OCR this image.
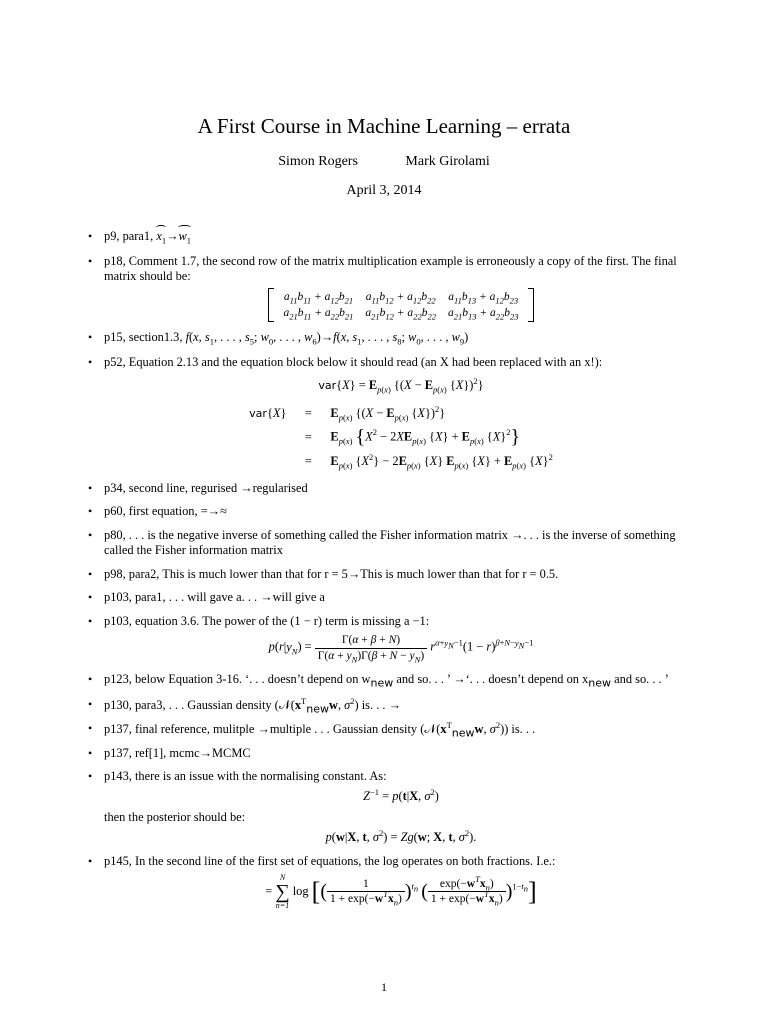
A First Course in Machine Learning – errata
Simon Rogers	Mark Girolami
April 3, 2014
• p9, para1, $x_1\to w_1$
• p18, Comment 1.7, the second row of the matrix multiplication example is erroneously a copy of the first. The final matrix should be:
$a_{11}b_{11} + a_{12}b_{21}$	$a_{11}b_{12} + a_{12}b_{22}$	$a_{11}b_{13} + a_{12}b_{23}$
$a_{21}b_{11} + a_{22}b_{21}$	$a_{21}b_{12} + a_{22}b_{22}$	$a_{21}b_{13} + a_{22}b_{23}$
• p15, section1.3, f(x, $s_1$, . . . , $s_5$; $w_0$, . . . , $w_6)\to f(x$, $s_1$, . . . , $s_8$; $w_0$, . . . , $w_9$)
• p52, Equation 2.13 and the equation block below it should read (an X had been replaced with an x!):
$var\{X\} = E_{p(x)}$ {($X - E_{p(x)}$ {X})$^2$}
var{X}	=	$E_{p(x)}$ {($X - E_{p(x)}$ {X})$^2$}
	=	$E_{p(x)}$ {$X^2 - 2XE_{p(x)}$ $\{X\} + E_{p(x)}$ $\{X\}^2$}
	=	$E_{p(x)}$ $\{X^2\} - 2E_{p(x)}$ {X} $E_{p(x)}$ $\{X\} + E_{p(x)}$ $\{X\}^2$
• p34, second line, regurised →regularised
• p60, first equation, =→≈
• p80, . . . is the negative inverse of something called the Fisher information matrix →. . . is the inverse of something called the Fisher information matrix
• p98, para2, This is much lower than that for r = 5→This is much lower than that for r = 0.5.
• p103, para1, . . . will gave a. . . →will give a
• p103, equation 3.6. The power of the (1 − r) term is missing a −1:
$p(r|y_N) = \frac{\Gamma(\alpha + \beta + N)}{\Gamma(\alpha + y_N)\Gamma(\beta + N - y_N)} r^{\alpha+y_N-1}(1 - r)^{\beta+N-y_N-1}$
• p123, below Equation 3-16. ‘. . . doesn’t depend on $w_{new}$ and so. . . ’ →‘. . . doesn’t depend on $x_{new}$ and so. . . ’
• p130, para3, . . . Gaussian density ($𝒩(x^T_{new}w$, $\sigma^2$) is. . . →
• p137, final reference, mulitple →multiple . . . Gaussian density ($𝒩(x^T_{new}w$, $\sigma^2$)) is. . .
• p137, ref[1], mcmc→MCMC
• p143, there is an issue with the normalising constant. As:
$Z^{-1} = p(t|X$, $\sigma^2$)
then the posterior should be:
p(w|X, t, $\sigma^2) = Zg(w$; X, t, $\sigma^2$).
• p145, In the second line of the first set of equations, the log operates on both fractions. I.e.:
=
N
∑
n=1
log [( $\frac{1}{1 + \exp(-w^Tx_n)} )^{t_n}$ ( $\frac{\exp(-w^Tx_n)}{1 + \exp(-w^Tx_n)} )^{1-t_n}$]
1
